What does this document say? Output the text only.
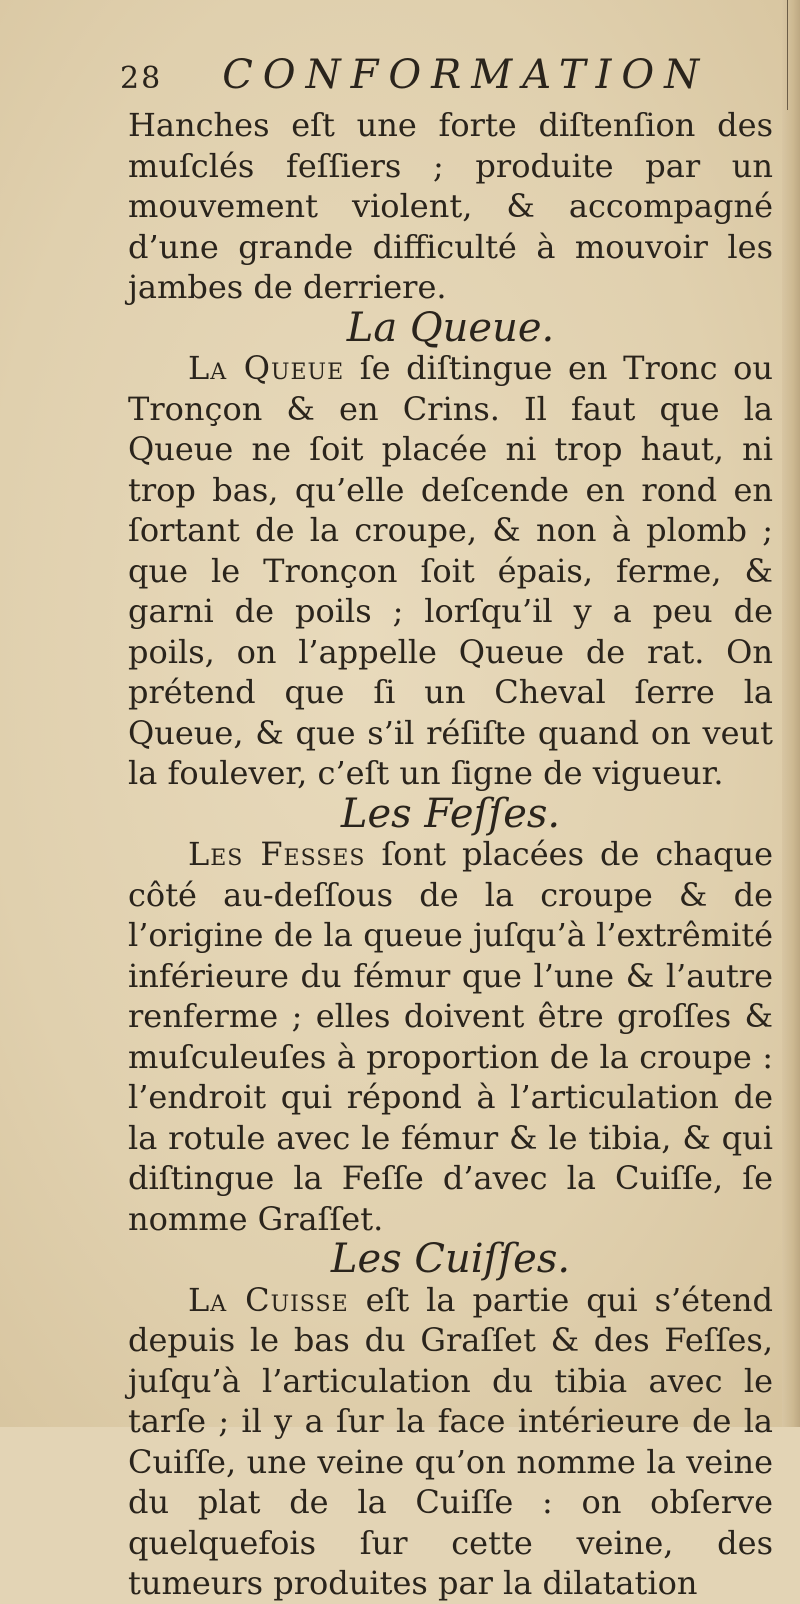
28 CONFORMATION

Hanches eſt une forte diſtenſion des muſclés feſſiers ; produite par un mouvement violent, & accompagné d’une grande difficulté à mouvoir les jambes de derriere.

La Queue.

La Queue ſe diſtingue en Tronc ou Tronçon & en Crins. Il faut que la Queue ne ſoit placée ni trop haut, ni trop bas, qu’elle deſcende en rond en ſortant de la croupe, & non à plomb ; que le Tronçon ſoit épais, ferme, & garni de poils ; lorſqu’il y a peu de poils, on l’appelle Queue de rat. On prétend que ſi un Cheval ſerre la Queue, & que s’il réſiſte quand on veut la foulever, c’eſt un ſigne de vigueur.

Les Feſſes.

Les Fesses ſont placées de chaque côté au-deſſous de la croupe & de l’origine de la queue juſqu’à l’extrêmité inférieure du fémur que l’une & l’autre renferme ; elles doivent être groſſes & muſculeuſes à proportion de la croupe : l’endroit qui répond à l’articulation de la rotule avec le fémur & le tibia, & qui diſtingue la Feſſe d’avec la Cuiſſe, ſe nomme Graſſet.

Les Cuiſſes.

La Cuisse eſt la partie qui s’étend depuis le bas du Graſſet & des Feſſes, juſqu’à l’articulation du tibia avec le tarſe ; il y a ſur la face intérieure de la Cuiſſe, une veine qu’on nomme la veine du plat de la Cuiſſe : on obſerve quelquefois ſur cette veine, des tumeurs produites par la dilatation
